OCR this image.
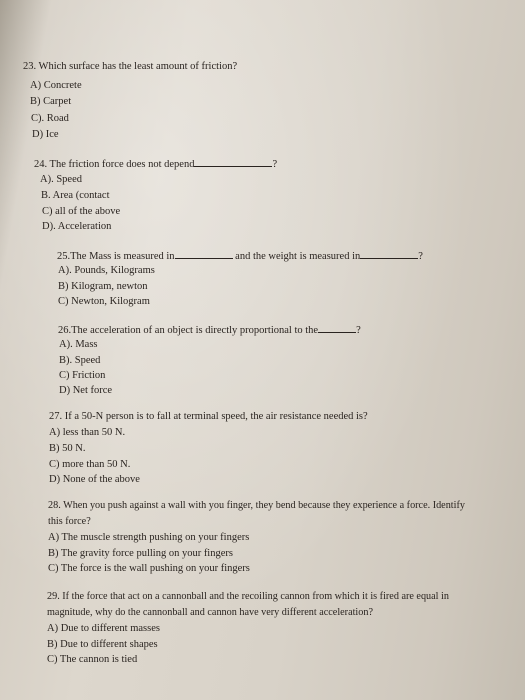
23. Which surface has the least amount of friction?
A) Concrete
B) Carpet
C). Road
D) Ice
24. The friction force does not depend	?
A). Speed
B. Area (contact
C) all of the above
D). Acceleration
25.The Mass is measured in	and the weight is measured in	?
A). Pounds, Kilograms
B) Kilogram, newton
C) Newton, Kilogram
26.The acceleration of an object is directly proportional to the	?
A). Mass
B). Speed
C) Friction
D) Net force
27. If a 50-N person is to fall at terminal speed, the air resistance needed is?
A) less than 50 N.
B) 50 N.
C) more than 50 N.
D) None of the above
28. When you push against a wall with you finger, they bend because they experience a force. Identify
this force?
A) The muscle strength pushing on your fingers
B) The gravity force pulling on your fingers
C) The force is the wall pushing on your fingers
29. If the force that act on a cannonball and the recoiling cannon from which it is fired are equal in
magnitude, why do the cannonball and cannon have very different acceleration?
A) Due to different masses
B) Due to different shapes
C) The cannon is tied
